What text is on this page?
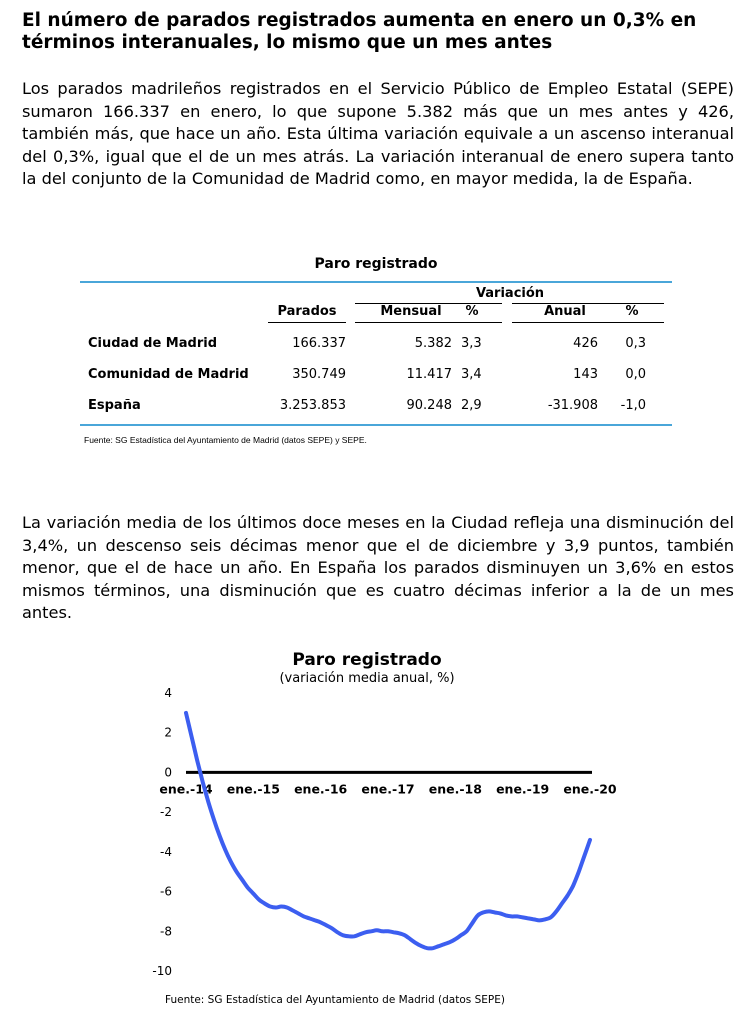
El número de parados registrados aumenta en enero un 0,3% en términos interanuales, lo mismo que un mes antes

Los parados madrileños registrados en el Servicio Público de Empleo Estatal (SEPE) sumaron 166.337 en enero, lo que supone 5.382 más que un mes antes y 426, también más, que hace un año. Esta última variación equivale a un ascenso interanual del 0,3%, igual que el de un mes atrás. La variación interanual de enero supera tanto la del conjunto de la Comunidad de Madrid como, en mayor medida, la de España.

Paro registrado
Variación
Parados	Mensual	%	Anual	%
Ciudad de Madrid	166.337	5.382 3,3	426	0,3
Comunidad de Madrid	350.749	11.417 3,4	143	0,0
España	3.253.853	90.248 2,9	-31.908	-1,0
Fuente: SG Estadística del Ayuntamiento de Madrid (datos SEPE) y SEPE.

La variación media de los últimos doce meses en la Ciudad refleja una disminución del 3,4%, un descenso seis décimas menor que el de diciembre y 3,9 puntos, también menor, que el de hace un año. En España los parados disminuyen un 3,6% en estos mismos términos, una disminución que es cuatro décimas inferior a la de un mes antes.

Paro registrado
(variación media anual, %)
4
2
0
-2
-4
-6
-8
-10
ene.-14 ene.-15 ene.-16 ene.-17 ene.-18 ene.-19 ene.-20
Fuente: SG Estadística del Ayuntamiento de Madrid (datos SEPE)
